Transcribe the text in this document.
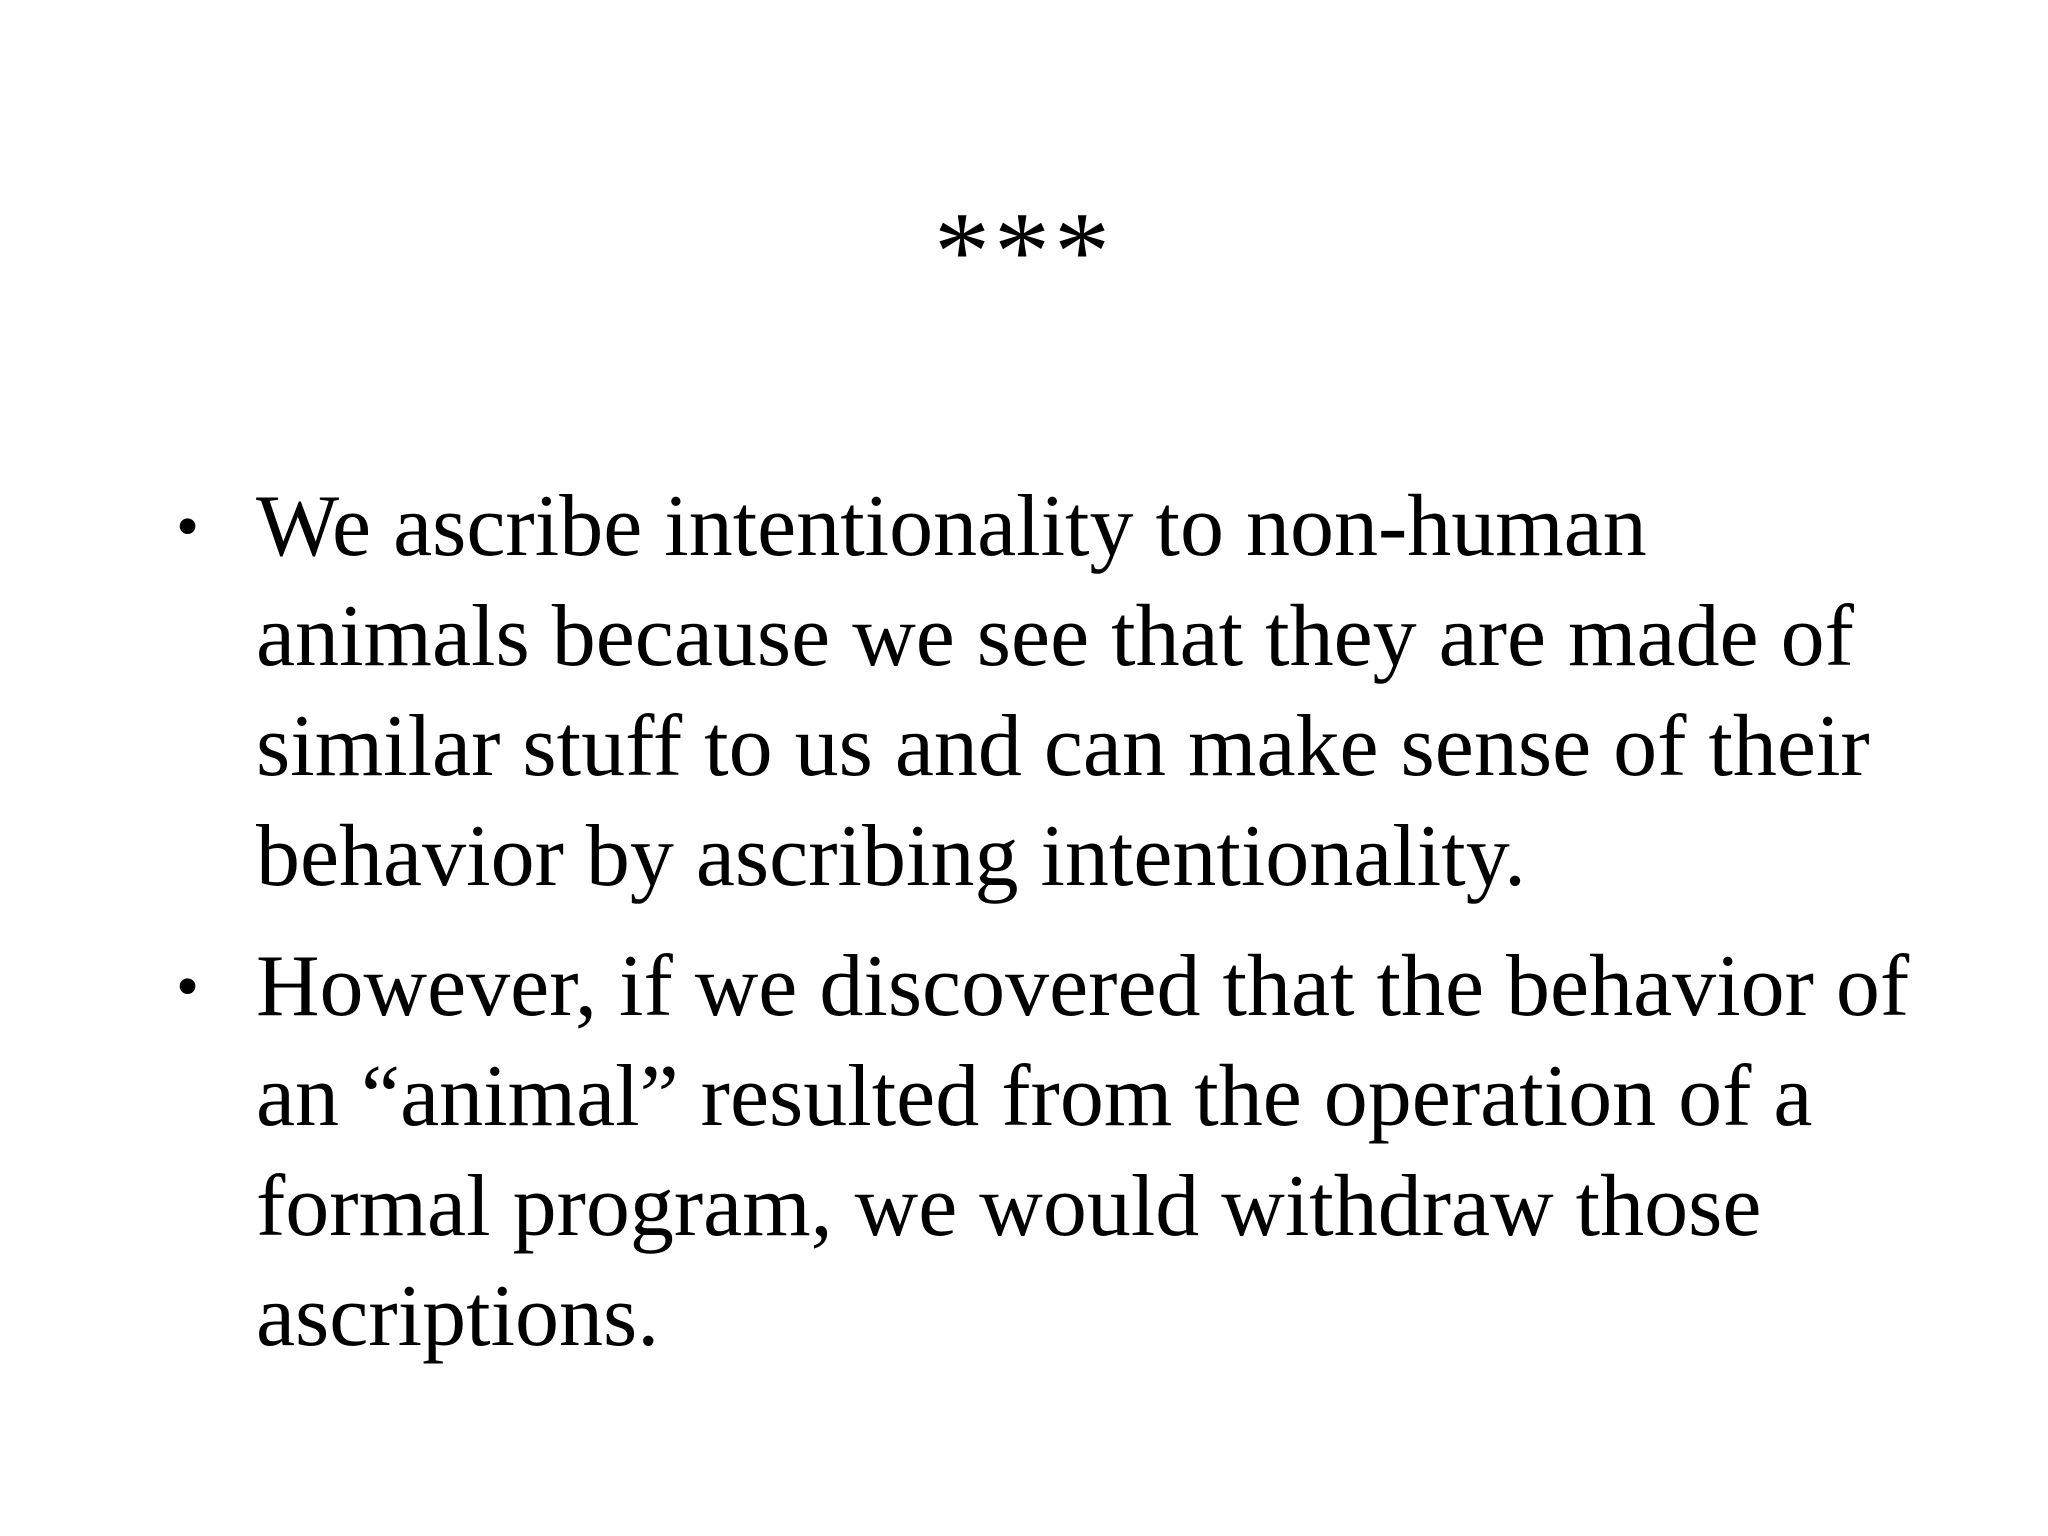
***
• We ascribe intentionality to non-human animals because we see that they are made of similar stuff to us and can make sense of their behavior by ascribing intentionality.
• However, if we discovered that the behavior of an “animal” resulted from the operation of a formal program, we would withdraw those ascriptions.
